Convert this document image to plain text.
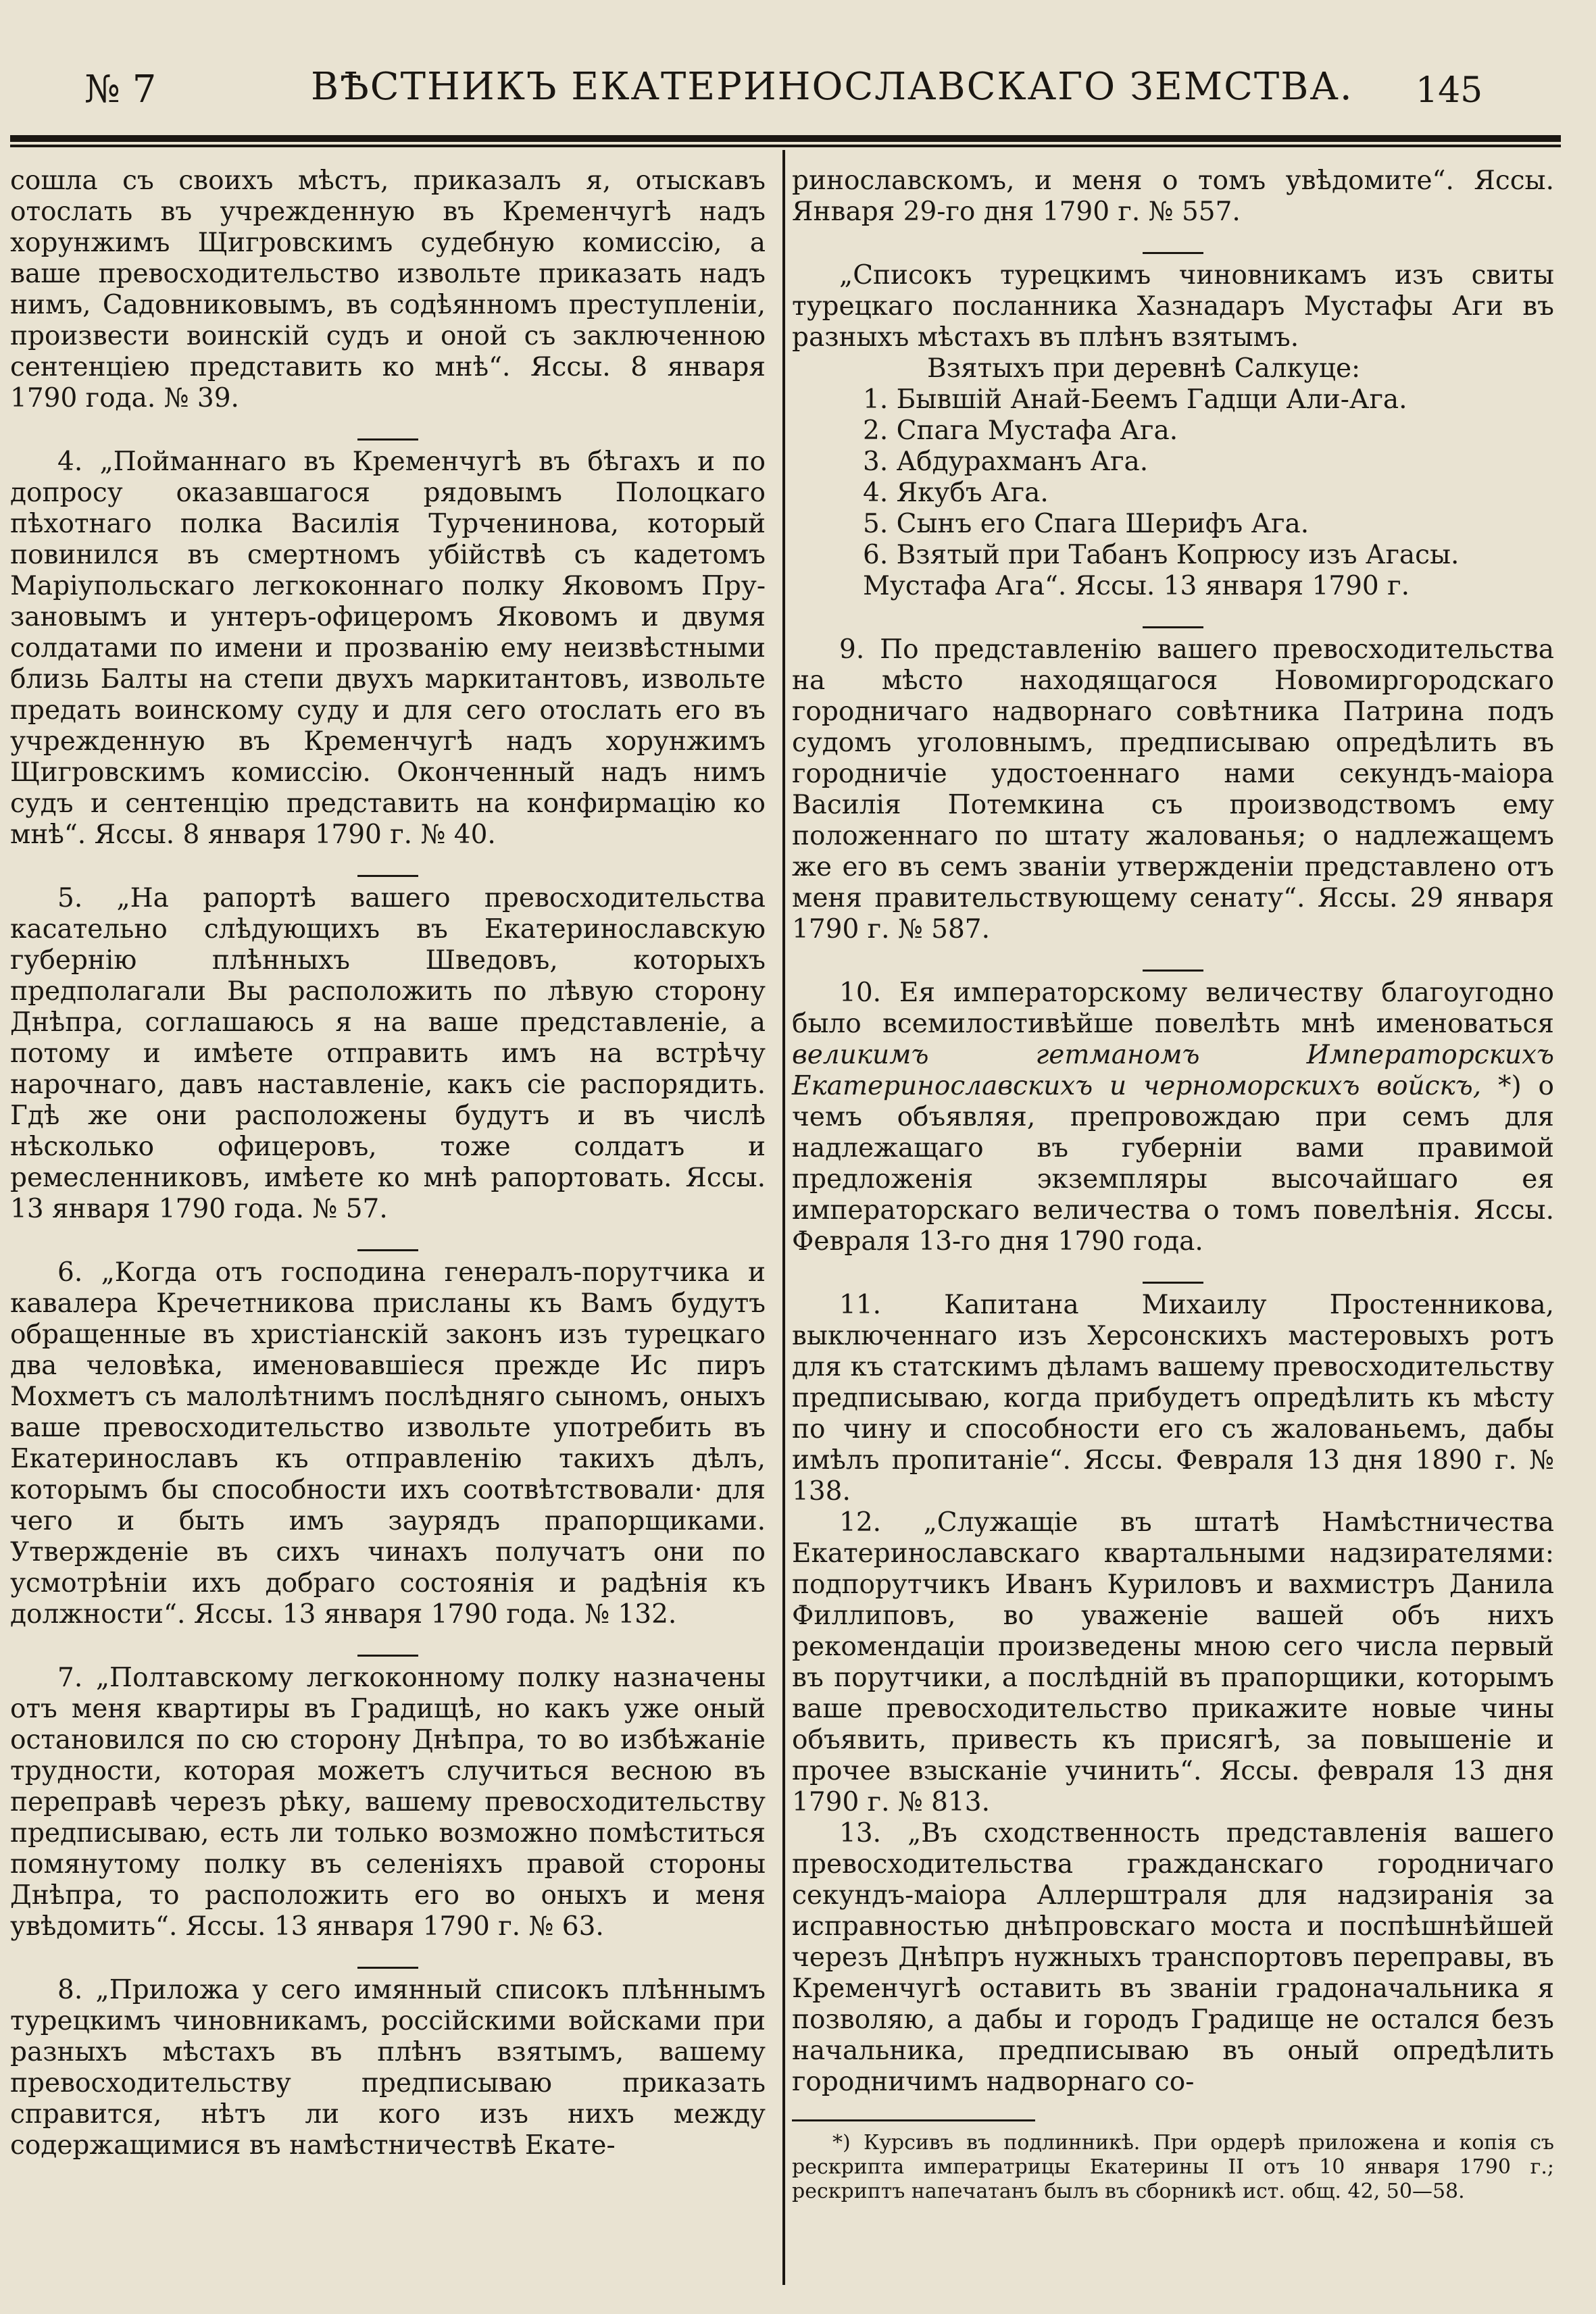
№ 7	ВѢСТНИКЪ ЕКАТЕРИНОСЛАВСКАГО ЗЕМСТВА. 145

сошла съ своихъ мѣстъ, приказалъ я, отыскавъ отослать въ учрежденную въ Кременчугѣ надъ хорунжимъ Щигровскимъ судебную комиссію, а ваше превосходительство извольте приказать надъ нимъ, Садовниковымъ, въ содѣянномъ преступленіи, произвести воинскій судъ и оной съ заключенною сентенціею представить ко мнѣ“. Яссы. 8 января 1790 года. № 39.

4. „Пойманнаго въ Кременчугѣ въ бѣгахъ и по допросу оказавшагося рядовымъ Полоцкаго пѣхотнаго полка Василія Турченинова, который повинился въ смертномъ убійствѣ съ кадетомъ Маріупольскаго легкоконнаго полку Яковомъ Прузановымъ и унтеръ-офицеромъ Яковомъ и двумя солдатами по имени и прозванію ему неизвѣстными близь Балты на степи двухъ маркитантовъ, извольте предать воинскому суду и для сего отослать его въ учрежденную въ Кременчугѣ надъ хорунжимъ Щигровскимъ комиссію. Оконченный надъ нимъ судъ и сентенцію представить на конфирмацію ко мнѣ“. Яссы. 8 января 1790 г. № 40.

5. „На рапортѣ вашего превосходительства касательно слѣдующихъ въ Екатеринославскую губернію плѣнныхъ Шведовъ, которыхъ предполагали Вы расположить по лѣвую сторону Днѣпра, соглашаюсь я на ваше представленіе, а потому и имѣете отправить имъ на встрѣчу нарочнаго, давъ наставленіе, какъ сіе распорядить. Гдѣ же они расположены будутъ и въ числѣ нѣсколько офицеровъ, тоже солдатъ и ремесленниковъ, имѣете ко мнѣ рапортовать. Яссы. 13 января 1790 года. № 57.

6. „Когда отъ господина генералъ-порутчика и кавалера Кречетникова присланы къ Вамъ будутъ обращенные въ христіанскій законъ изъ турецкаго два человѣка, именовавшіеся прежде Ис пиръ Мохметъ съ малолѣтнимъ послѣдняго сыномъ, оныхъ ваше превосходительство извольте употребить въ Екатеринославъ къ отправленію такихъ дѣлъ, которымъ бы способности ихъ соотвѣтствовали· для чего и быть имъ заурядъ прапорщиками. Утвержденіе въ сихъ чинахъ получатъ они по усмотрѣніи ихъ добраго состоянія и радѣнія къ должности“. Яссы. 13 января 1790 года. № 132.

7. „Полтавскому легкоконному полку назначены отъ меня квартиры въ Градищѣ, но какъ уже оный остановился по сю сторону Днѣпра, то во избѣжаніе трудности, которая можетъ случиться весною въ переправѣ черезъ рѣку, вашему превосходительству предписываю, есть ли только возможно помѣститься помянутому полку въ селеніяхъ правой стороны Днѣпра, то расположить его во оныхъ и меня увѣдомить“. Яссы. 13 января 1790 г. № 63.

8. „Приложа у сего имянный списокъ плѣннымъ турецкимъ чиновникамъ, россійскими войсками при разныхъ мѣстахъ въ плѣнъ взятымъ, вашему превосходительству предписываю приказать справится, нѣтъ ли кого изъ нихъ между содержащимися въ намѣстничествѣ Екате-

ринославскомъ, и меня о томъ увѣдомите“. Яссы. Января 29-го дня 1790 г. № 557.

„Списокъ турецкимъ чиновникамъ изъ свиты турецкаго посланника Хазнадаръ Мустафы Аги въ разныхъ мѣстахъ въ плѣнъ взятымъ.

Взятыхъ при деревнѣ Салкуце:

1. Бывшій Анай-Беемъ Гадщи Али-Ага.

2. Спага Мустафа Ага.

3. Абдурахманъ Ага.

4. Якубъ Ага.

5. Сынъ его Спага Шерифъ Ага.

6. Взятый при Табанъ Копрюсу изъ Агасы. Мустафа Ага“. Яссы. 13 января 1790 г.

9. По представленію вашего превосходительства на мѣсто находящагося Новомиргородскаго городничаго надворнаго совѣтника Патрина подъ судомъ уголовнымъ, предписываю опредѣлить въ городничіе удостоеннаго нами секундъ-маіора Василія Потемкина съ производствомъ ему положеннаго по штату жалованья; о надлежащемъ же его въ семъ званіи утвержденіи представлено отъ меня правительствующему сенату“. Яссы. 29 января 1790 г. № 587.

10. Ея императорскому величеству благоугодно было всемилостивѣйше повелѣть мнѣ именоваться великимъ гетманомъ Императорскихъ Екатеринославскихъ и черноморскихъ войскъ, *) о чемъ объявляя, препровождаю при семъ для надлежащаго въ губерніи вами правимой предложенія экземпляры высочайшаго ея императорскаго величества о томъ повелѣнія. Яссы. Февраля 13-го дня 1790 года.

11. Капитана Михаилу Простенникова, выключеннаго изъ Херсонскихъ мастеровыхъ ротъ для къ статскимъ дѣламъ вашему превосходительству предписываю, когда прибудетъ опредѣлить къ мѣсту по чину и способности его съ жалованьемъ, дабы имѣлъ пропитаніе“. Яссы. Февраля 13 дня 1890 г. № 138.

12. „Служащіе въ штатѣ Намѣстничества Екатеринославскаго квартальными надзирателями: подпорутчикъ Иванъ Куриловъ и вахмистръ Данила Филлиповъ, во уваженіе вашей объ нихъ рекомендаціи произведены мною сего числа первый въ порутчики, а послѣдній въ прапорщики, которымъ ваше превосходительство прикажите новые чины объявить, привесть къ присягѣ, за повышеніе и прочее взысканіе учинить“. Яссы. февраля 13 дня 1790 г. № 813.

13. „Въ сходственность представленія вашего превосходительства гражданскаго городничаго секундъ-маіора Аллерштраля для надзиранія за исправностью днѣпровскаго моста и поспѣшнѣйшей черезъ Днѣпръ нужныхъ транспортовъ переправы, въ Кременчугѣ оставить въ званіи градоначальника я позволяю, а дабы и городъ Градище не остался безъ начальника, предписываю въ оный опредѣлить городничимъ надворнаго со-

*) Курсивъ въ подлинникѣ. При ордерѣ приложена и копія съ рескрипта императрицы Екатерины II отъ 10 января 1790 г.; рескриптъ напечатанъ былъ въ сборникѣ ист. общ. 42, 50—58.
